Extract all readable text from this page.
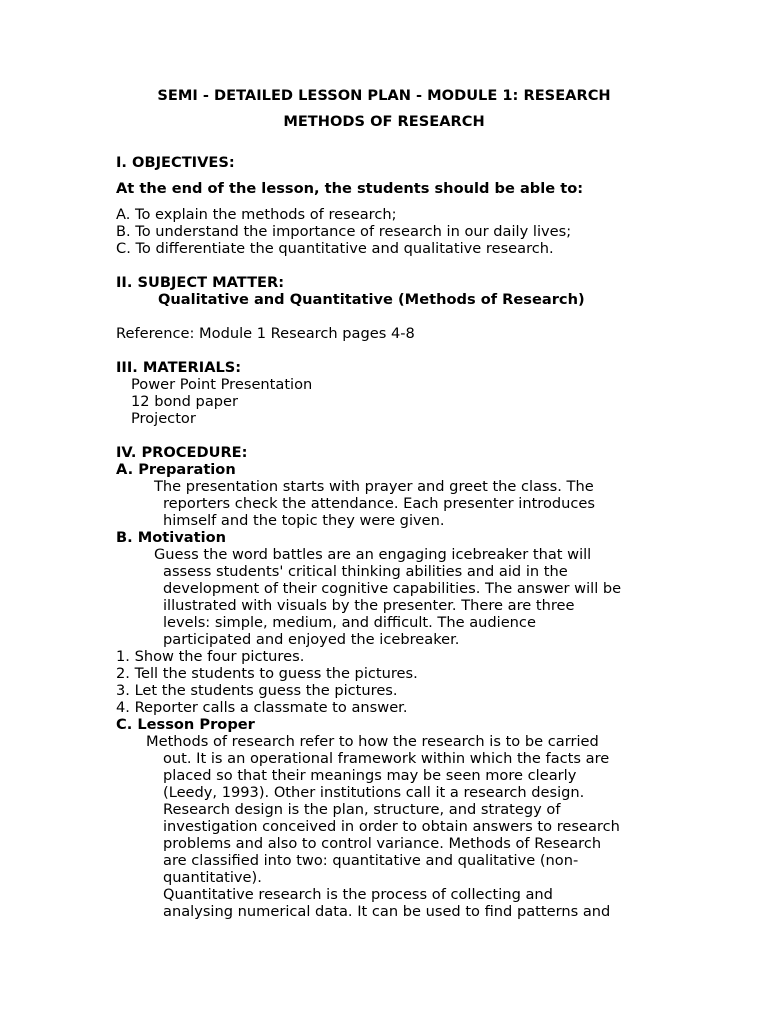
SEMI - DETAILED LESSON PLAN - MODULE 1: RESEARCH
METHODS OF RESEARCH
I. OBJECTIVES:
At the end of the lesson, the students should be able to:
A. To explain the methods of research;
B. To understand the importance of research in our daily lives;
C. To differentiate the quantitative and qualitative research.
II. SUBJECT MATTER:
Qualitative and Quantitative (Methods of Research)
Reference: Module 1 Research pages 4-8
III. MATERIALS:
Power Point Presentation
12 bond paper
Projector
IV. PROCEDURE:
A. Preparation
The presentation starts with prayer and greet the class. The
reporters check the attendance. Each presenter introduces
himself and the topic they were given.
B. Motivation
Guess the word battles are an engaging icebreaker that will
assess students' critical thinking abilities and aid in the
development of their cognitive capabilities. The answer will be
illustrated with visuals by the presenter. There are three
levels: simple, medium, and difficult. The audience
participated and enjoyed the icebreaker.
1. Show the four pictures.
2. Tell the students to guess the pictures.
3. Let the students guess the pictures.
4. Reporter calls a classmate to answer.
C. Lesson Proper
Methods of research refer to how the research is to be carried
out. It is an operational framework within which the facts are
placed so that their meanings may be seen more clearly
(Leedy, 1993). Other institutions call it a research design.
Research design is the plan, structure, and strategy of
investigation conceived in order to obtain answers to research
problems and also to control variance. Methods of Research
are classified into two: quantitative and qualitative (non-
quantitative).
Quantitative research is the process of collecting and
analysing numerical data. It can be used to find patterns and
